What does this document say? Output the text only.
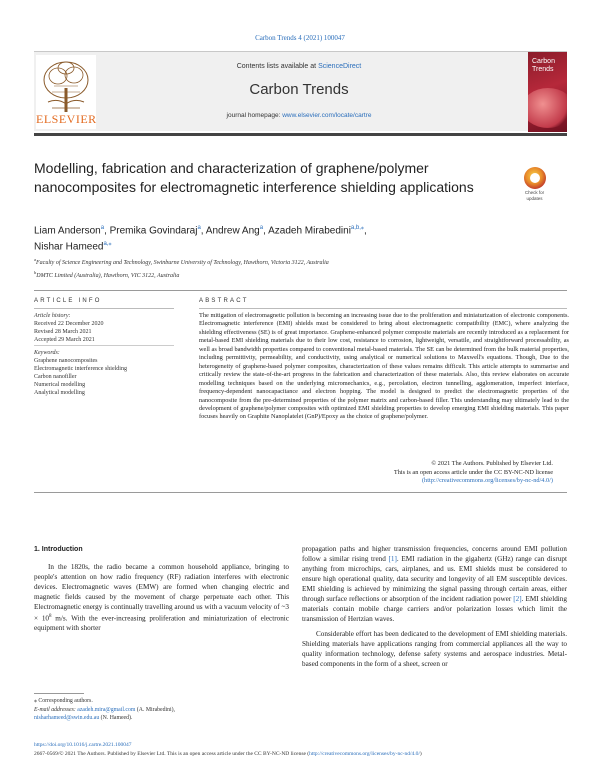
Carbon Trends 4 (2021) 100047
ELSEVIER
Contents lists available at ScienceDirect
Carbon Trends
journal homepage: www.elsevier.com/locate/cartre
Carbon Trends
Check for
updates
Modelling, fabrication and characterization of graphene/polymer nanocomposites for electromagnetic interference shielding applications
Liam Anderson$^a$, Premika Govindaraj$^a$, Andrew Ang$^a$, Azadeh Mirabedini$^{a,b,⁎}$,
Nishar Hameed$^{a,⁎}$
$^a$Faculty of Science Engineering and Technology, Swinburne University of Technology, Hawthorn, Victoria 3122, Australia
$^b$DMTC Limited (Australia), Hawthorn, VIC 3122, Australia
ARTICLE INFO	ABSTRACT
Article history:
Received 22 December 2020
Revised 28 March 2021
Accepted 29 March 2021
Keywords:
Graphene nanocomposites
Electromagnetic interference shielding
Carbon nanofiller
Numerical modelling
Analytical modelling
The mitigation of electromagnetic pollution is becoming an increasing issue due to the proliferation and miniaturization of electronic components. Electromagnetic interference (EMI) shields must be considered to bring about electromagnetic compatibility (EMC), where analyzing the shielding effectiveness (SE) is of great importance. Graphene-enhanced polymer composite materials are recently introduced as a replacement for metal-based EMI shielding materials due to their low cost, resistance to corrosion, lightweight, versatile, and straightforward processability, as well as broad bandwidth properties compared to conventional metal-based materials. The SE can be determined from the bulk material properties, including permittivity, permeability, and conductivity, using analytical or numerical solutions to Maxwell's equations. Though, Due to the heterogeneity of graphene-based polymer composites, characterization of these values remains difficult. This article attempts to summarise and critically review the state-of-the-art progress in the fabrication and characterization of these materials. Also, this review elaborates on accurate modelling techniques based on the underlying micromechanics, e.g., percolation, electron tunnelling, agglomeration, imperfect interface, frequency-dependent nanocapacitance and electron hopping. The model is designed to predict the electromagnetic properties of the nanocomposite from the pre-determined properties of the polymer matrix and carbon-based filler. This understanding may ultimately lead to the development of graphene/polymer composites with optimized EMI shielding properties to develop emerging EMI shielding materials. This paper focuses heavily on Graphite Nanoplatelet (GnP)/Epoxy as the choice of graphene/polymer.
© 2021 The Authors. Published by Elsevier Ltd.
This is an open access article under the CC BY-NC-ND license
(http://creativecommons.org/licenses/by-nc-nd/4.0/)
1. Introduction

In the 1820s, the radio became a common household appliance, bringing to people's attention on how radio frequency (RF) radiation interferes with electronic devices. Electromagnetic waves (EMW) are formed when changing electric and magnetic fields caused by the movement of charge perpetuate each other. This Electromagnetic energy is continually travelling around us with a vacuum velocity of ~3 × $10^8$ m/s. With the ever-increasing proliferation and miniaturization of electronic equipment with shorter

propagation paths and higher transmission frequencies, concerns around EMI pollution follow a similar rising trend [1]. EMI radiation in the gigahertz (GHz) range can disrupt anything from microchips, cars, airplanes, and us. EMI shields must be considered to ensure high operational quality, data security and longevity of all EM susceptible devices. EMI shielding is achieved by minimizing the signal passing through certain areas, either through surface reflections or absorption of the incident radiation power [2]. EMI shielding materials contain mobile charge carriers and/or polarization losses which limit the transmission of Hertzian waves.

Considerable effort has been dedicated to the development of EMI shielding materials. Shielding materials have applications ranging from commercial appliances all the way to quality information technology, defense safety systems and aerospace industries. Metal-based components in the form of a sheet, screen or

⁎ Corresponding authors.
E-mail addresses: azadeh.mira@gmail.com (A. Mirabedini),
nisharhameed@swin.edu.au (N. Hameed).
https://doi.org/10.1016/j.cartre.2021.100047
2667-0569/© 2021 The Authors. Published by Elsevier Ltd. This is an open access article under the CC BY-NC-ND license (http://creativecommons.org/licenses/by-nc-nd/4.0/)
